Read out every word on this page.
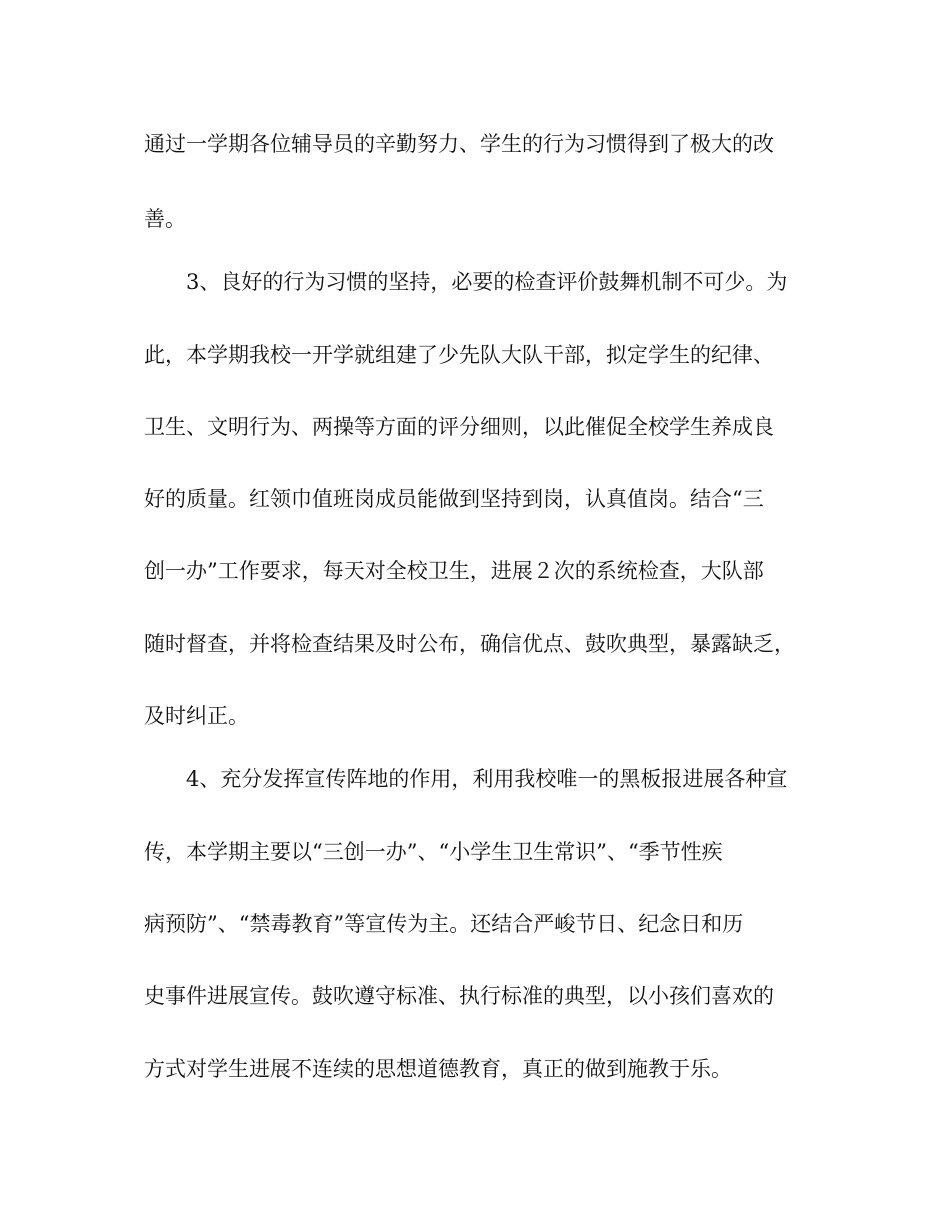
通过一学期各位辅导员的辛勤努力、学生的行为习惯得到了极大的改
善。
3、良好的行为习惯的坚持，必要的检查评价鼓舞机制不可少。为
此，本学期我校一开学就组建了少先队大队干部，拟定学生的纪律、
卫生、文明行为、两操等方面的评分细则，以此催促全校学生养成良
好的质量。红领巾值班岗成员能做到坚持到岗，认真值岗。结合“三
创一办”工作要求，每天对全校卫生，进展２次的系统检查，大队部
随时督查，并将检查结果及时公布，确信优点、鼓吹典型，暴露缺乏，
及时纠正。
4、充分发挥宣传阵地的作用，利用我校唯一的黑板报进展各种宣
传，本学期主要以“三创一办”、“小学生卫生常识”、“季节性疾
病预防”、“禁毒教育”等宣传为主。还结合严峻节日、纪念日和历
史事件进展宣传。鼓吹遵守标准、执行标准的典型，以小孩们喜欢的
方式对学生进展不连续的思想道德教育，真正的做到施教于乐。
